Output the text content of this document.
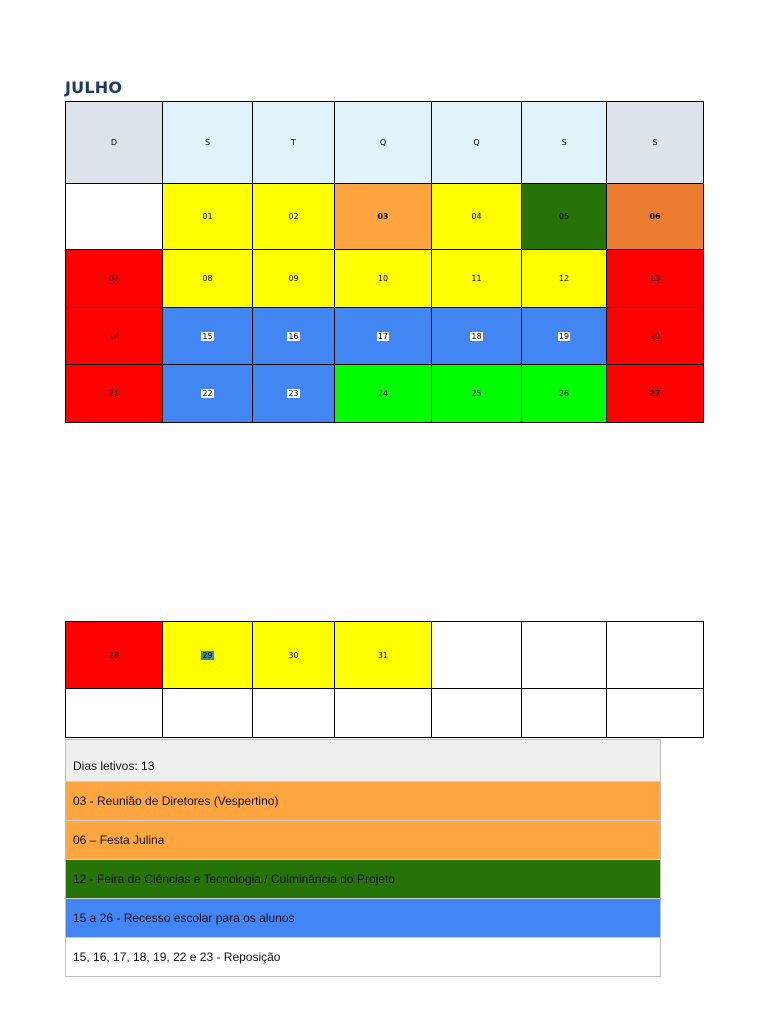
JULHO
D	S	T	Q	Q	S	S
	01	02	03	04	05	06
07	08	09	10	11	12	13
14	15	16	17	18	19	20
21	22	23	24	25	26	27
28	29	30	31			

Dias letivos: 13
03 - Reunião de Diretores (Vespertino)
06 – Festa Julina
12 - Feira de Ciências e Tecnologia / Culminância do Projeto
15 a 26 - Recesso escolar para os alunos
15, 16, 17, 18, 19, 22 e 23 - Reposição
